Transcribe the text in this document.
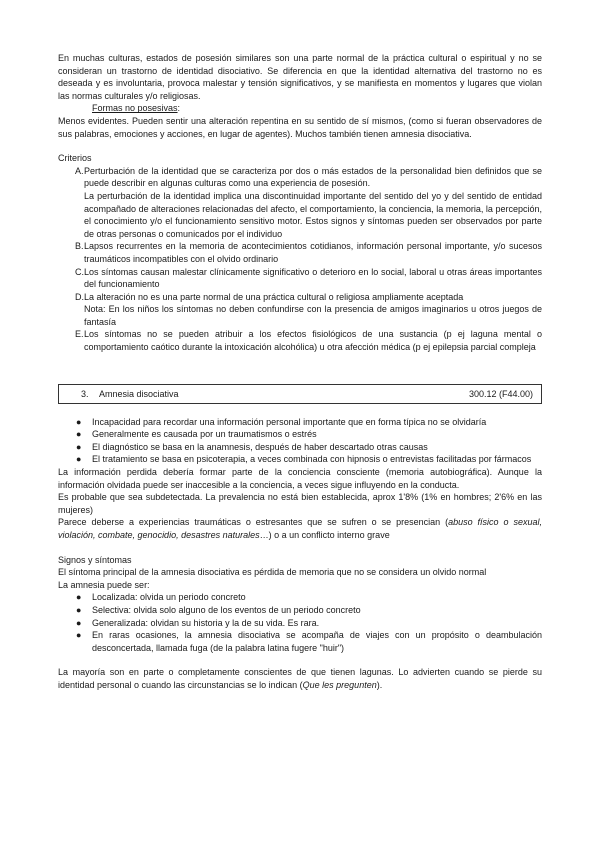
En muchas culturas, estados de posesión similares son una parte normal de la práctica cultural o espiritual y no se consideran un trastorno de identidad disociativo. Se diferencia en que la identidad alternativa del trastorno no es deseada y es involuntaria, provoca malestar y tensión significativos, y se manifiesta en momentos y lugares que violan las normas culturales y/o religiosas.

Formas no posesivas:

Menos evidentes. Pueden sentir una alteración repentina en su sentido de sí mismos, (como si fueran observadores de sus palabras, emociones y acciones, en lugar de agentes). Muchos también tienen amnesia disociativa.

Criterios

A. Perturbación de la identidad que se caracteriza por dos o más estados de la personalidad bien definidos que se puede describir en algunas culturas como una experiencia de posesión.
La perturbación de la identidad implica una discontinuidad importante del sentido del yo y del sentido de entidad acompañado de alteraciones relacionadas del afecto, el comportamiento, la conciencia, la memoria, la percepción, el conocimiento y/o el funcionamiento sensitivo motor. Estos signos y síntomas pueden ser observados por parte de otras personas o comunicados por el individuo
B. Lapsos recurrentes en la memoria de acontecimientos cotidianos, información personal importante, y/o sucesos traumáticos incompatibles con el olvido ordinario
C. Los síntomas causan malestar clínicamente significativo o deterioro en lo social, laboral u otras áreas importantes del funcionamiento
D. La alteración no es una parte normal de una práctica cultural o religiosa ampliamente aceptada
Nota: En los niños los síntomas no deben confundirse con la presencia de amigos imaginarios u otros juegos de fantasía
E. Los síntomas no se pueden atribuir a los efectos fisiológicos de una sustancia (p ej laguna mental o comportamiento caótico durante la intoxicación alcohólica) u otra afección médica (p ej epilepsia parcial compleja
3. Amnesia disociativa	300.12 (F44.00)
● Incapacidad para recordar una información personal importante que en forma típica no se olvidaría
● Generalmente es causada por un traumatismos o estrés
● El diagnóstico se basa en la anamnesis, después de haber descartado otras causas
● El tratamiento se basa en psicoterapia, a veces combinada con hipnosis o entrevistas facilitadas por fármacos

La información perdida debería formar parte de la conciencia consciente (memoria autobiográfica). Aunque la información olvidada puede ser inaccesible a la conciencia, a veces sigue influyendo en la conducta.

Es probable que sea subdetectada. La prevalencia no está bien establecida, aprox 1'8% (1% en hombres; 2'6% en las mujeres)

Parece deberse a experiencias traumáticas o estresantes que se sufren o se presencian (abuso físico o sexual, violación, combate, genocidio, desastres naturales…) o a un conflicto interno grave

Signos y síntomas

El síntoma principal de la amnesia disociativa es pérdida de memoria que no se considera un olvido normal

La amnesia puede ser:

● Localizada: olvida un periodo concreto
● Selectiva: olvida solo alguno de los eventos de un periodo concreto
● Generalizada: olvidan su historia y la de su vida. Es rara.
● En raras ocasiones, la amnesia disociativa se acompaña de viajes con un propósito o deambulación desconcertada, llamada fuga (de la palabra latina fugere "huir")

La mayoría son en parte o completamente conscientes de que tienen lagunas. Lo advierten cuando se pierde su identidad personal o cuando las circunstancias se lo indican (Que les pregunten).
